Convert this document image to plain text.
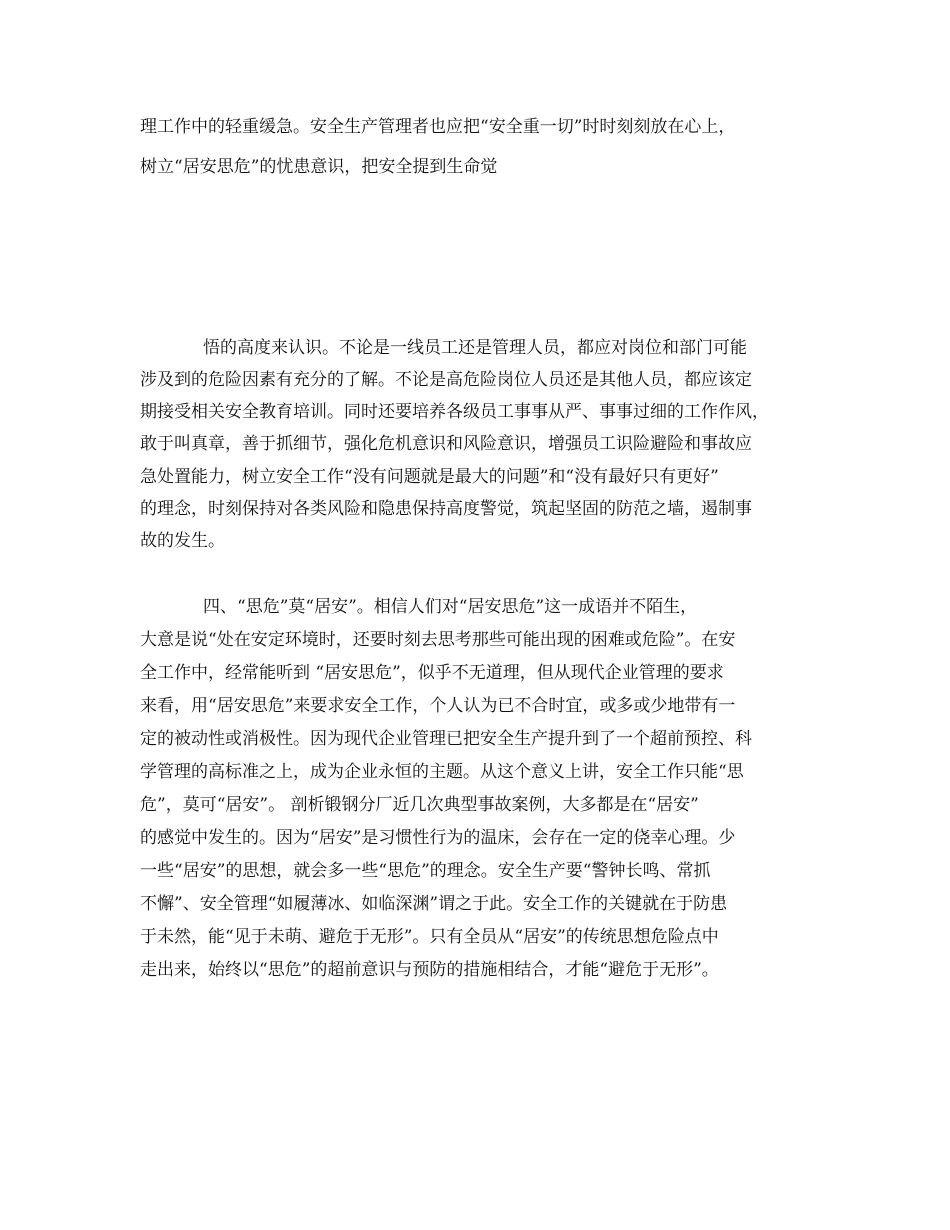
理工作中的轻重缓急。安全生产管理者也应把“安全重一切”时时刻刻放在心上，
树立“居安思危”的忧患意识，把安全提到生命觉
悟的高度来认识。不论是一线员工还是管理人员，都应对岗位和部门可能
涉及到的危险因素有充分的了解。不论是高危险岗位人员还是其他人员，都应该定
期接受相关安全教育培训。同时还要培养各级员工事事从严、事事过细的工作作风，
敢于叫真章，善于抓细节，强化危机意识和风险意识，增强员工识险避险和事故应
急处置能力，树立安全工作“没有问题就是最大的问题”和“没有最好只有更好”
的理念，时刻保持对各类风险和隐患保持高度警觉，筑起坚固的防范之墙，遏制事
故的发生。
四、“思危”莫“居安”。相信人们对“居安思危”这一成语并不陌生，
大意是说“处在安定环境时，还要时刻去思考那些可能出现的困难或危险”。在安
全工作中，经常能听到 “居安思危”，似乎不无道理，但从现代企业管理的要求
来看，用“居安思危”来要求安全工作，个人认为已不合时宜，或多或少地带有一
定的被动性或消极性。因为现代企业管理已把安全生产提升到了一个超前预控、科
学管理的高标准之上，成为企业永恒的主题。从这个意义上讲，安全工作只能“思
危”，莫可“居安”。 剖析锻钢分厂近几次典型事故案例，大多都是在“居安”
的感觉中发生的。因为“居安”是习惯性行为的温床，会存在一定的侥幸心理。少
一些“居安”的思想，就会多一些“思危”的理念。安全生产要“警钟长鸣、常抓
不懈”、安全管理“如履薄冰、如临深渊”谓之于此。安全工作的关键就在于防患
于未然，能“见于未萌、避危于无形”。只有全员从“居安”的传统思想危险点中
走出来，始终以“思危”的超前意识与预防的措施相结合，才能“避危于无形”。
